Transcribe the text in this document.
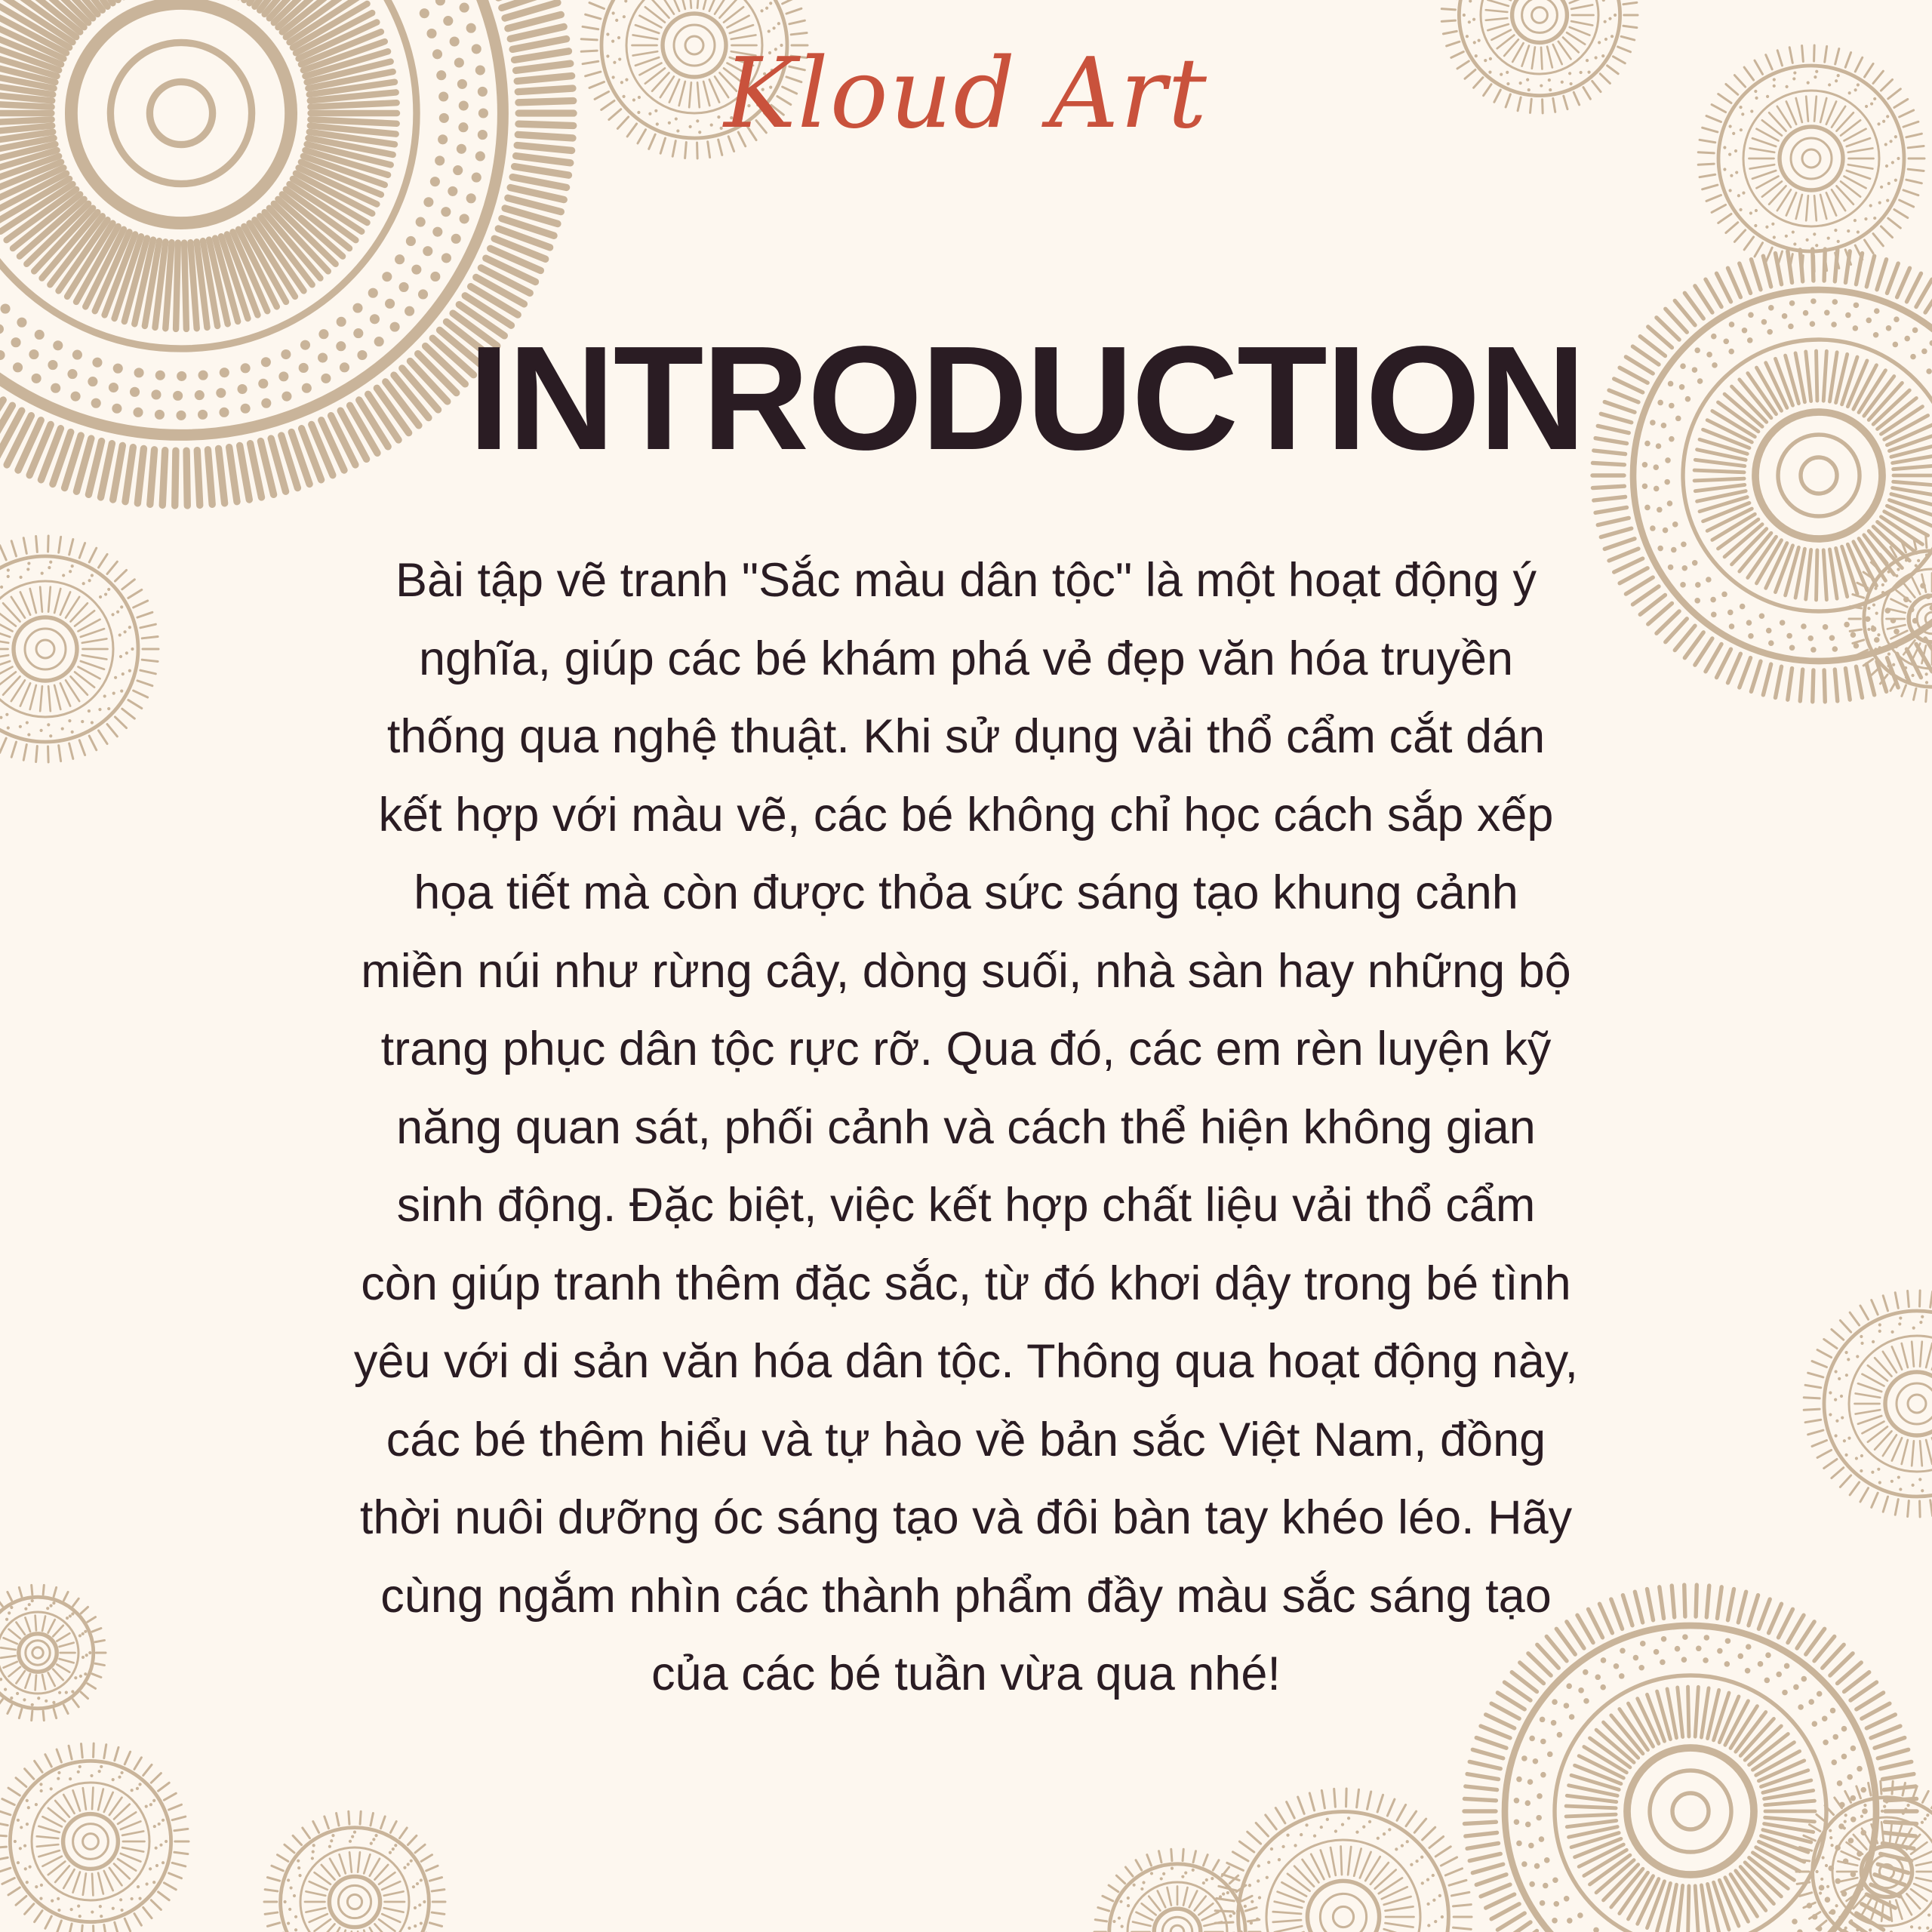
Kloud Art
INTRODUCTION
Bài tập vẽ tranh "Sắc màu dân tộc" là một hoạt động ý
nghĩa, giúp các bé khám phá vẻ đẹp văn hóa truyền
thống qua nghệ thuật. Khi sử dụng vải thổ cẩm cắt dán
kết hợp với màu vẽ, các bé không chỉ học cách sắp xếp
họa tiết mà còn được thỏa sức sáng tạo khung cảnh
miền núi như rừng cây, dòng suối, nhà sàn hay những bộ
trang phục dân tộc rực rỡ. Qua đó, các em rèn luyện kỹ
năng quan sát, phối cảnh và cách thể hiện không gian
sinh động. Đặc biệt, việc kết hợp chất liệu vải thổ cẩm
còn giúp tranh thêm đặc sắc, từ đó khơi dậy trong bé tình
yêu với di sản văn hóa dân tộc. Thông qua hoạt động này,
các bé thêm hiểu và tự hào về bản sắc Việt Nam, đồng
thời nuôi dưỡng óc sáng tạo và đôi bàn tay khéo léo. Hãy
cùng ngắm nhìn các thành phẩm đầy màu sắc sáng tạo
của các bé tuần vừa qua nhé!
